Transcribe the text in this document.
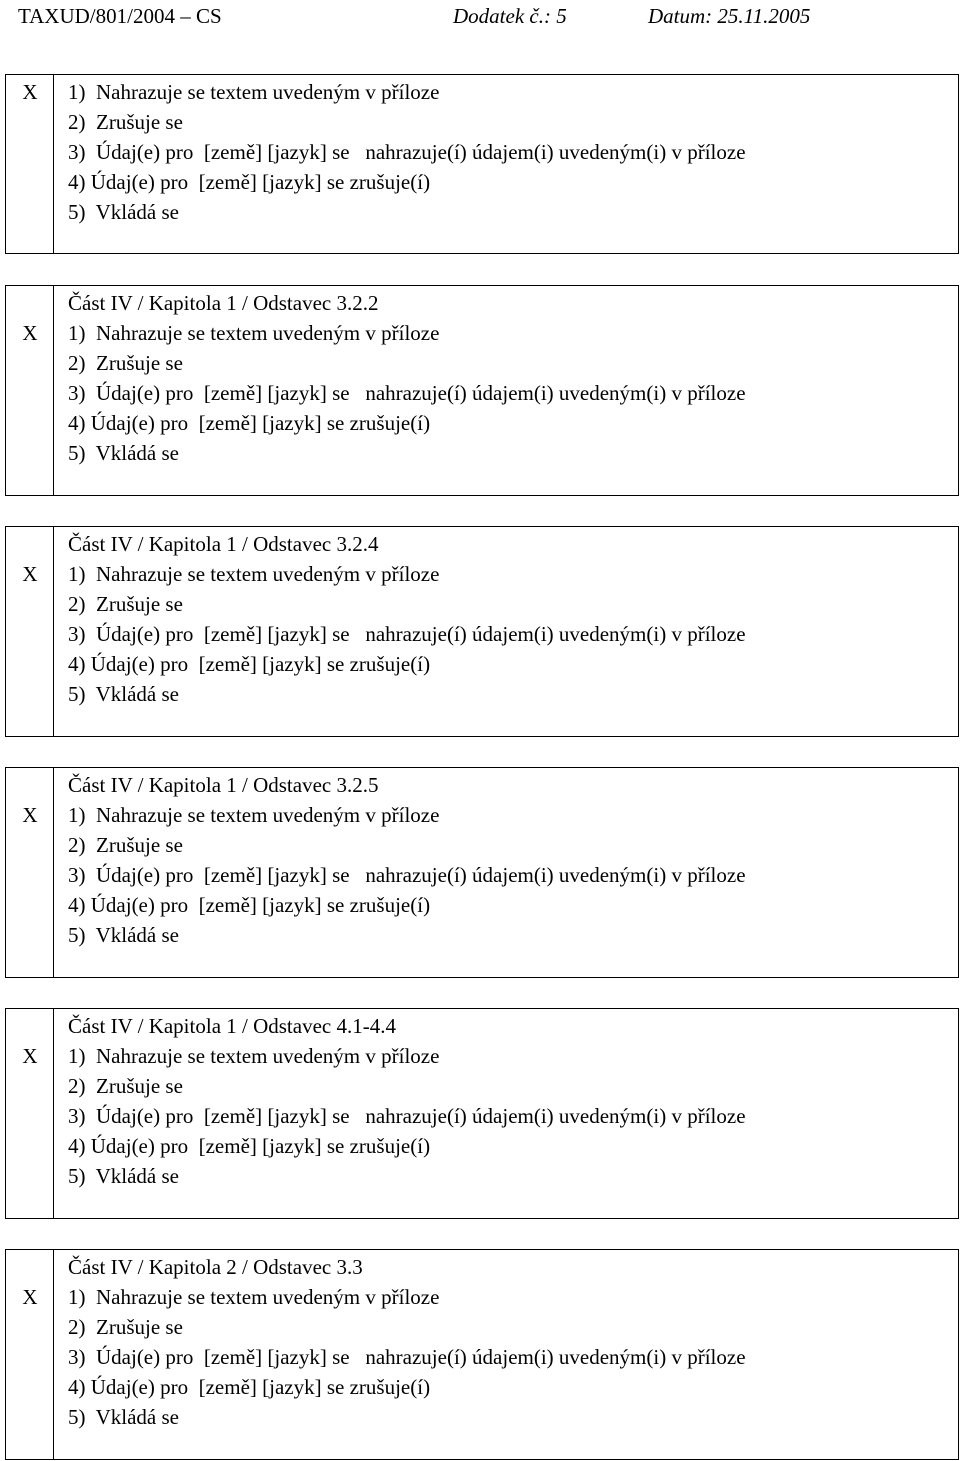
TAXUD/801/2004 – CS	Dodatek č.: 5	Datum: 25.11.2005
X 1)  Nahrazuje se textem uvedeným v příloze
2)  Zrušuje se
3)  Údaj(e) pro  [země] [jazyk] se   nahrazuje(í) údajem(i) uvedeným(i) v příloze
4) Údaj(e) pro  [země] [jazyk] se zrušuje(í)
5)  Vkládá se
X
Část IV / Kapitola 1 / Odstavec 3.2.2
1)  Nahrazuje se textem uvedeným v příloze
2)  Zrušuje se
3)  Údaj(e) pro  [země] [jazyk] se   nahrazuje(í) údajem(i) uvedeným(i) v příloze
4) Údaj(e) pro  [země] [jazyk] se zrušuje(í)
5)  Vkládá se
X
Část IV / Kapitola 1 / Odstavec 3.2.4
1)  Nahrazuje se textem uvedeným v příloze
2)  Zrušuje se
3)  Údaj(e) pro  [země] [jazyk] se   nahrazuje(í) údajem(i) uvedeným(i) v příloze
4) Údaj(e) pro  [země] [jazyk] se zrušuje(í)
5)  Vkládá se
X
Část IV / Kapitola 1 / Odstavec 3.2.5
1)  Nahrazuje se textem uvedeným v příloze
2)  Zrušuje se
3)  Údaj(e) pro  [země] [jazyk] se   nahrazuje(í) údajem(i) uvedeným(i) v příloze
4) Údaj(e) pro  [země] [jazyk] se zrušuje(í)
5)  Vkládá se
X
Část IV / Kapitola 1 / Odstavec 4.1-4.4
1)  Nahrazuje se textem uvedeným v příloze
2)  Zrušuje se
3)  Údaj(e) pro  [země] [jazyk] se   nahrazuje(í) údajem(i) uvedeným(i) v příloze
4) Údaj(e) pro  [země] [jazyk] se zrušuje(í)
5)  Vkládá se
X
Část IV / Kapitola 2 / Odstavec 3.3
1)  Nahrazuje se textem uvedeným v příloze
2)  Zrušuje se
3)  Údaj(e) pro  [země] [jazyk] se   nahrazuje(í) údajem(i) uvedeným(i) v příloze
4) Údaj(e) pro  [země] [jazyk] se zrušuje(í)
5)  Vkládá se
